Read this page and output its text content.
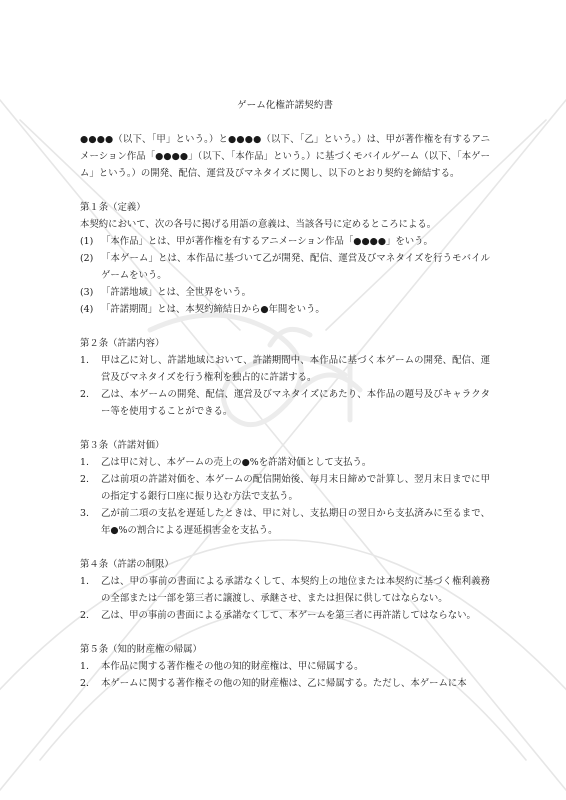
ゲーム化権許諾契約書

●●●●（以下、「甲」という。）と●●●●（以下、「乙」という。）は、甲が著作権を有するアニメーション作品「●●●●」（以下、「本作品」という。）に基づくモバイルゲーム（以下、「本ゲーム」という。）の開発、配信、運営及びマネタイズに関し、以下のとおり契約を締結する。

第１条（定義）

本契約において、次の各号に掲げる用語の意義は、当該各号に定めるところによる。

(1) 「本作品」とは、甲が著作権を有するアニメーション作品「●●●●」をいう。
(2) 「本ゲーム」とは、本作品に基づいて乙が開発、配信、運営及びマネタイズを行うモバイルゲームをいう。
(3) 「許諾地域」とは、全世界をいう。
(4) 「許諾期間」とは、本契約締結日から●年間をいう。

第２条（許諾内容）

1.	甲は乙に対し、許諾地域において、許諾期間中、本作品に基づく本ゲームの開発、配信、運営及びマネタイズを行う権利を独占的に許諾する。
2.	乙は、本ゲームの開発、配信、運営及びマネタイズにあたり、本作品の題号及びキャラクター等を使用することができる。

第３条（許諾対価）

1.	乙は甲に対し、本ゲームの売上の●%を許諾対価として支払う。
2.	乙は前項の許諾対価を、本ゲームの配信開始後、毎月末日締めで計算し、翌月末日までに甲の指定する銀行口座に振り込む方法で支払う。
3.	乙が前二項の支払を遅延したときは、甲に対し、支払期日の翌日から支払済みに至るまで、年●%の割合による遅延損害金を支払う。

第４条（許諾の制限）

1.	乙は、甲の事前の書面による承諾なくして、本契約上の地位または本契約に基づく権利義務の全部または一部を第三者に譲渡し、承継させ、または担保に供してはならない。
2.	乙は、甲の事前の書面による承諾なくして、本ゲームを第三者に再許諾してはならない。

第５条（知的財産権の帰属）

1.	本作品に関する著作権その他の知的財産権は、甲に帰属する。
2.	本ゲームに関する著作権その他の知的財産権は、乙に帰属する。ただし、本ゲームに本
